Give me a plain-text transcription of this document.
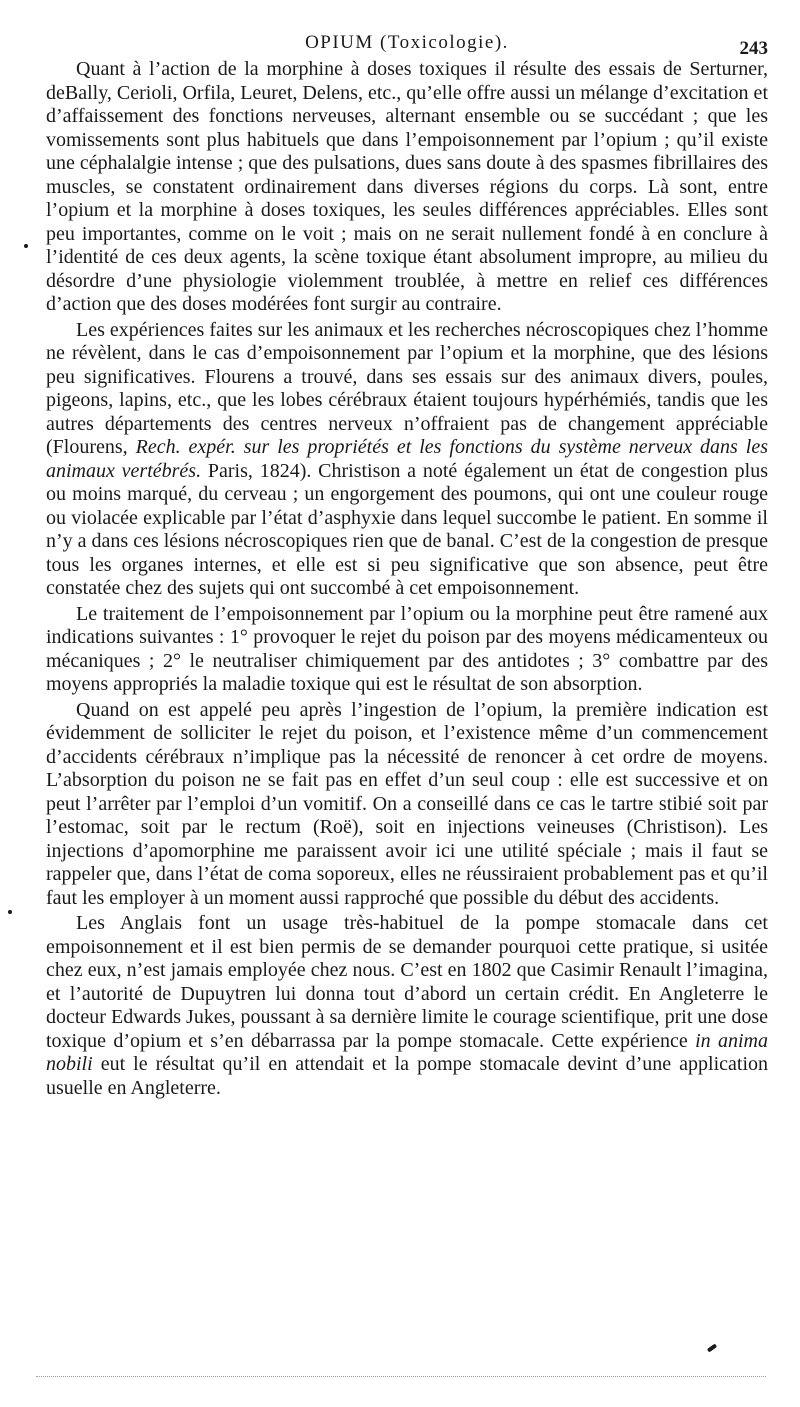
OPIUM (Toxicologie).	243

Quant à l’action de la morphine à doses toxiques il résulte des essais de Serturner, deBally, Cerioli, Orfila, Leuret, Delens, etc., qu’elle offre aussi un mélange d’excitation et d’affaissement des fonctions nerveuses, alternant ensemble ou se succédant ; que les vomissements sont plus habituels que dans l’empoisonnement par l’opium ; qu’il existe une céphalalgie intense ; que des pulsations, dues sans doute à des spasmes fibrillaires des muscles, se constatent ordinairement dans diverses régions du corps. Là sont, entre l’opium et la morphine à doses toxiques, les seules différences appréciables. Elles sont peu importantes, comme on le voit ; mais on ne serait nullement fondé à en conclure à l’identité de ces deux agents, la scène toxique étant absolument impropre, au milieu du désordre d’une physiologie violemment troublée, à mettre en relief ces différences d’action que des doses modérées font surgir au contraire.

Les expériences faites sur les animaux et les recherches nécroscopiques chez l’homme ne révèlent, dans le cas d’empoisonnement par l’opium et la morphine, que des lésions peu significatives. Flourens a trouvé, dans ses essais sur des animaux divers, poules, pigeons, lapins, etc., que les lobes cérébraux étaient toujours hypérhémiés, tandis que les autres départements des centres nerveux n’offraient pas de changement appréciable (Flourens, Rech. expér. sur les propriétés et les fonctions du système nerveux dans les animaux vertébrés. Paris, 1824). Christison a noté également un état de congestion plus ou moins marqué, du cerveau ; un engorgement des poumons, qui ont une couleur rouge ou violacée explicable par l’état d’asphyxie dans lequel succombe le patient. En somme il n’y a dans ces lésions nécroscopiques rien que de banal. C’est de la congestion de presque tous les organes internes, et elle est si peu significative que son absence, peut être constatée chez des sujets qui ont succombé à cet empoisonnement.

Le traitement de l’empoisonnement par l’opium ou la morphine peut être ramené aux indications suivantes : 1° provoquer le rejet du poison par des moyens médicamenteux ou mécaniques ; 2° le neutraliser chimiquement par des antidotes ; 3° combattre par des moyens appropriés la maladie toxique qui est le résultat de son absorption.

Quand on est appelé peu après l’ingestion de l’opium, la première indication est évidemment de solliciter le rejet du poison, et l’existence même d’un commencement d’accidents cérébraux n’implique pas la nécessité de renoncer à cet ordre de moyens. L’absorption du poison ne se fait pas en effet d’un seul coup : elle est successive et on peut l’arrêter par l’emploi d’un vomitif. On a conseillé dans ce cas le tartre stibié soit par l’estomac, soit par le rectum (Roë), soit en injections veineuses (Christison). Les injections d’apomorphine me paraissent avoir ici une utilité spéciale ; mais il faut se rappeler que, dans l’état de coma soporeux, elles ne réussiraient probablement pas et qu’il faut les employer à un moment aussi rapproché que possible du début des accidents.

Les Anglais font un usage très-habituel de la pompe stomacale dans cet empoisonnement et il est bien permis de se demander pourquoi cette pratique, si usitée chez eux, n’est jamais employée chez nous. C’est en 1802 que Casimir Renault l’imagina, et l’autorité de Dupuytren lui donna tout d’abord un certain crédit. En Angleterre le docteur Edwards Jukes, poussant à sa dernière limite le courage scientifique, prit une dose toxique d’opium et s’en débarrassa par la pompe stomacale. Cette expérience in anima nobili eut le résultat qu’il en attendait et la pompe stomacale devint d’une application usuelle en Angleterre.
